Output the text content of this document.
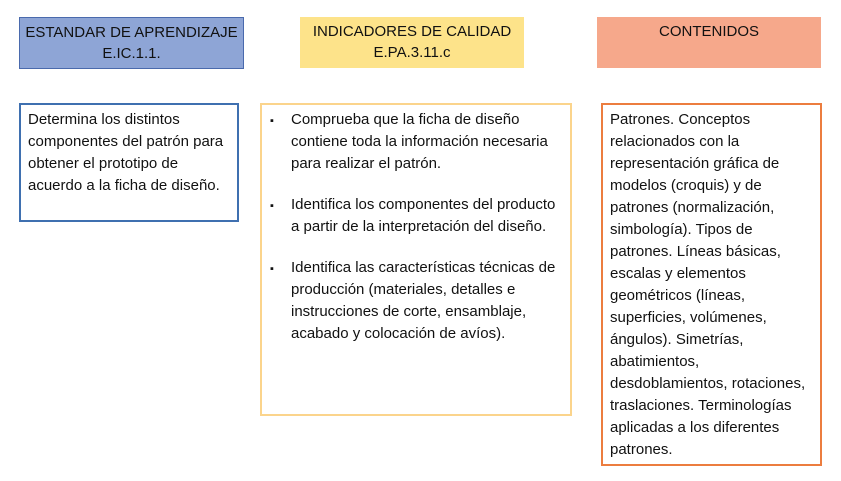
ESTANDAR DE APRENDIZAJE
E.IC.1.1.
INDICADORES DE CALIDAD
E.PA.3.11.c
CONTENIDOS
Determina los distintos componentes del patrón para obtener el prototipo de acuerdo a la ficha de diseño.
▪ Comprueba que la ficha de diseño contiene toda la información necesaria para realizar el patrón.
▪ Identifica los componentes del producto a partir de la interpretación del diseño.
▪ Identifica las características técnicas de producción (materiales, detalles e instrucciones de corte, ensamblaje, acabado y colocación de avíos).
Patrones. Conceptos relacionados con la representación gráfica de modelos (croquis) y de patrones (normalización, simbología). Tipos de patrones. Líneas básicas, escalas y elementos geométricos (líneas, superficies, volúmenes, ángulos). Simetrías, abatimientos, desdoblamientos, rotaciones, traslaciones. Terminologías aplicadas a los diferentes patrones.
